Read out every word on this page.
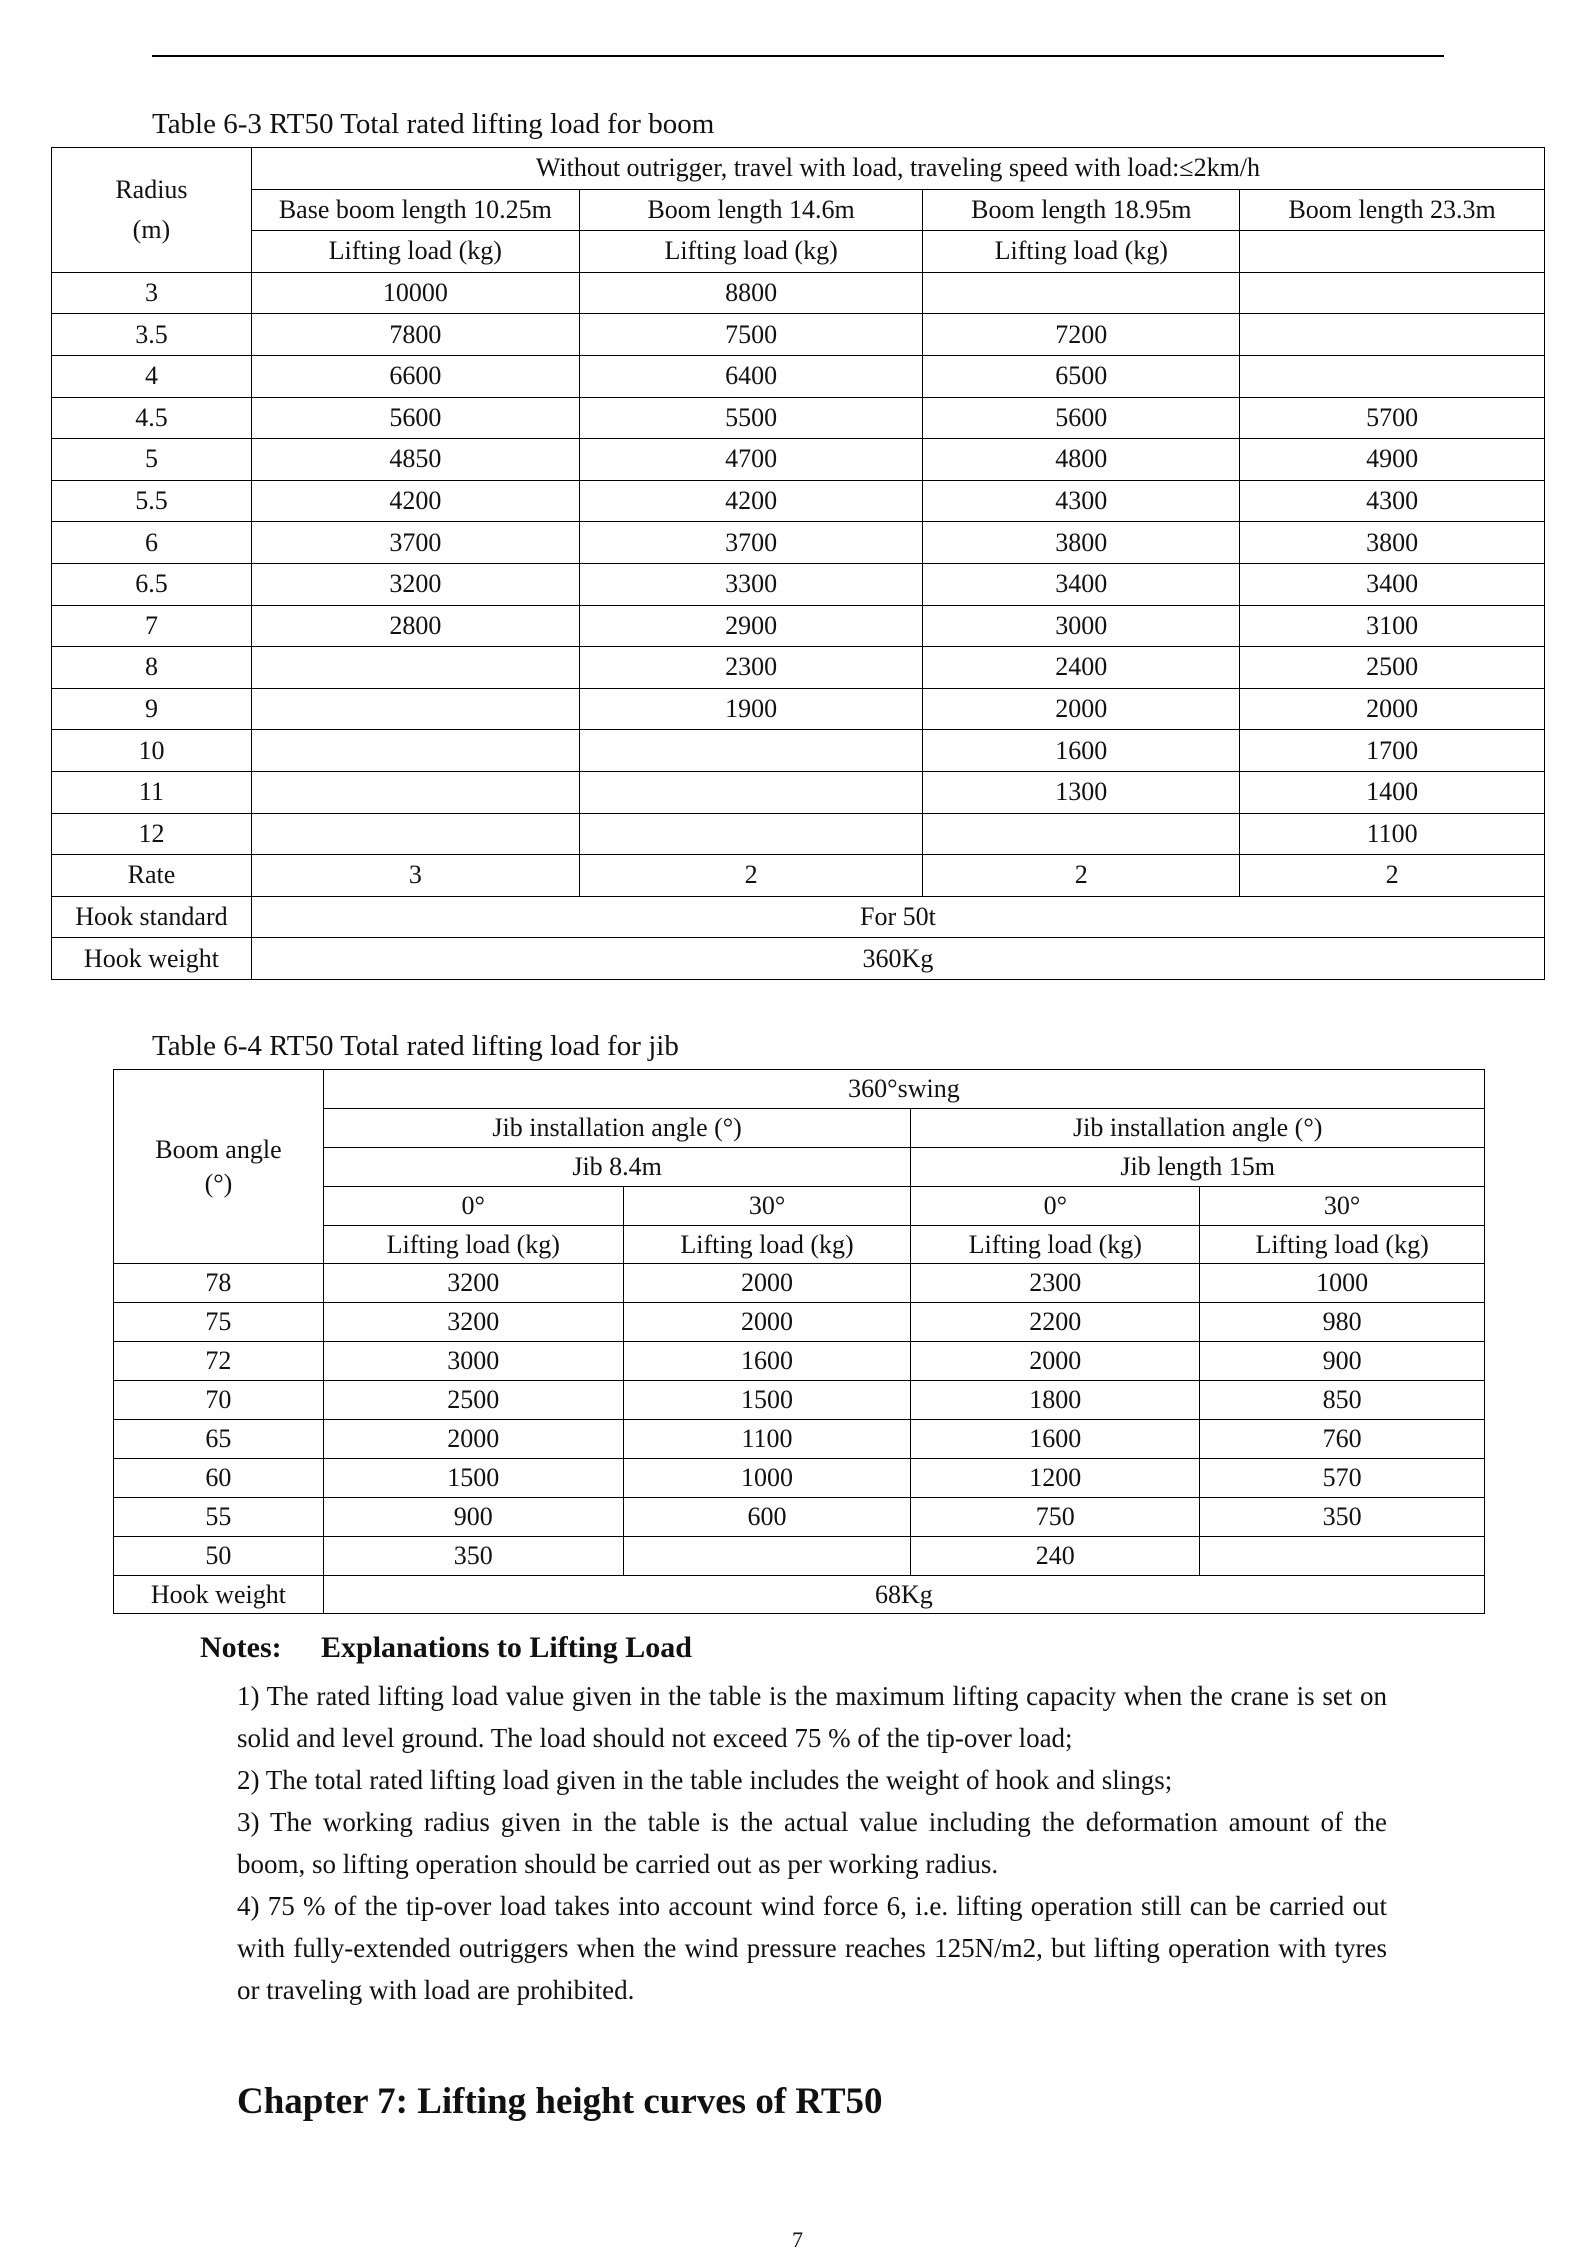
Table 6-3 RT50 Total rated lifting load for boom
Radius
(m)	Without outrigger, travel with load, traveling speed with load:≤2km/h			
	Base boom length 10.25m	Boom length 14.6m	Boom length 18.95m	Boom length 23.3m
	Lifting load (kg)	Lifting load (kg)	Lifting load (kg)	
3	10000	8800		
3.5	7800	7500	7200	
4	6600	6400	6500	
4.5	5600	5500	5600	5700
5	4850	4700	4800	4900
5.5	4200	4200	4300	4300
6	3700	3700	3800	3800
6.5	3200	3300	3400	3400
7	2800	2900	3000	3100
8		2300	2400	2500
9		1900	2000	2000
10			1600	1700
11			1300	1400
12				1100
Rate	3	2	2	2
Hook standard	For 50t			
Hook weight	360Kg			
Table 6-4 RT50 Total rated lifting load for jib
Boom angle
(°)	360°swing			
	Jib installation angle (°)		Jib installation angle (°)	
	Jib 8.4m		Jib length 15m	
	0°	30°	0°	30°
	Lifting load (kg)	Lifting load (kg)	Lifting load (kg)	Lifting load (kg)
78	3200	2000	2300	1000
75	3200	2000	2200	980
72	3000	1600	2000	900
70	2500	1500	1800	850
65	2000	1100	1600	760
60	1500	1000	1200	570
55	900	600	750	350
50	350		240	
Hook weight	68Kg			
Notes: Explanations to Lifting Load
1) The rated lifting load value given in the table is the maximum lifting capacity when the crane is set on solid and level ground. The load should not exceed 75 % of the tip-over load;
2) The total rated lifting load given in the table includes the weight of hook and slings;
3) The working radius given in the table is the actual value including the deformation amount of the boom, so lifting operation should be carried out as per working radius.
4) 75 % of the tip-over load takes into account wind force 6, i.e. lifting operation still can be carried out with fully-extended outriggers when the wind pressure reaches 125N/m2, but lifting operation with tyres or traveling with load are prohibited.
Chapter 7: Lifting height curves of RT50
7
